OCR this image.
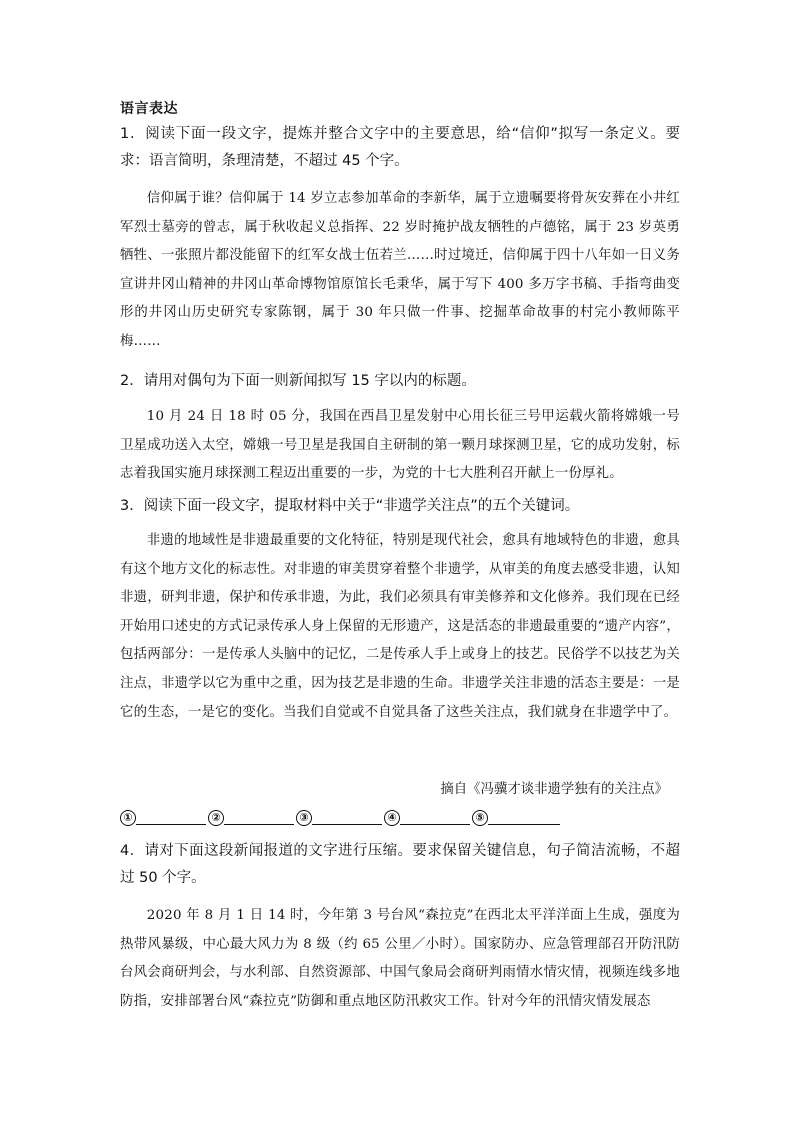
语言表达
1．阅读下面一段文字，提炼并整合文字中的主要意思，给“信仰”拟写一条定义。要求：语言简明，条理清楚，不超过 45 个字。
信仰属于谁？信仰属于 14 岁立志参加革命的李新华，属于立遗嘱要将骨灰安葬在小井红军烈士墓旁的曾志，属于秋收起义总指挥、22 岁时掩护战友牺牲的卢德铭，属于 23 岁英勇牺牲、一张照片都没能留下的红军女战士伍若兰……时过境迁，信仰属于四十八年如一日义务宣讲井冈山精神的井冈山革命博物馆原馆长毛秉华，属于写下 400 多万字书稿、手指弯曲变形的井冈山历史研究专家陈钢，属于 30 年只做一件事、挖掘革命故事的村完小教师陈平梅……
2．请用对偶句为下面一则新闻拟写 15 字以内的标题。
10 月 24 日 18 时 05 分，我国在西昌卫星发射中心用长征三号甲运载火箭将嫦娥一号卫星成功送入太空，嫦娥一号卫星是我国自主研制的第一颗月球探测卫星，它的成功发射，标志着我国实施月球探测工程迈出重要的一步，为党的十七大胜利召开献上一份厚礼。
3．阅读下面一段文字，提取材料中关于“非遗学关注点”的五个关键词。
非遗的地域性是非遗最重要的文化特征，特别是现代社会，愈具有地域特色的非遗，愈具有这个地方文化的标志性。对非遗的审美贯穿着整个非遗学，从审美的角度去感受非遗，认知非遗，研判非遗，保护和传承非遗，为此，我们必须具有审美修养和文化修养。我们现在已经开始用口述史的方式记录传承人身上保留的无形遗产，这是活态的非遗最重要的“遗产内容”，包括两部分：一是传承人头脑中的记忆，二是传承人手上或身上的技艺。民俗学不以技艺为关注点，非遗学以它为重中之重，因为技艺是非遗的生命。非遗学关注非遗的活态主要是：一是它的生态，一是它的变化。当我们自觉或不自觉具备了这些关注点，我们就身在非遗学中了。
摘自《冯骥才谈非遗学独有的关注点》
①	②	③	④	⑤
4．请对下面这段新闻报道的文字进行压缩。要求保留关键信息，句子简洁流畅，不超过 50 个字。
2020 年 8 月 1 日 14 时，今年第 3 号台风“森拉克”在西北太平洋洋面上生成，强度为热带风暴级，中心最大风力为 8 级（约 65 公里／小时）。国家防办、应急管理部召开防汛防台风会商研判会，与水利部、自然资源部、中国气象局会商研判雨情水情灾情，视频连线多地防指，安排部署台风“森拉克”防御和重点地区防汛救灾工作。针对今年的汛情灾情发展态
